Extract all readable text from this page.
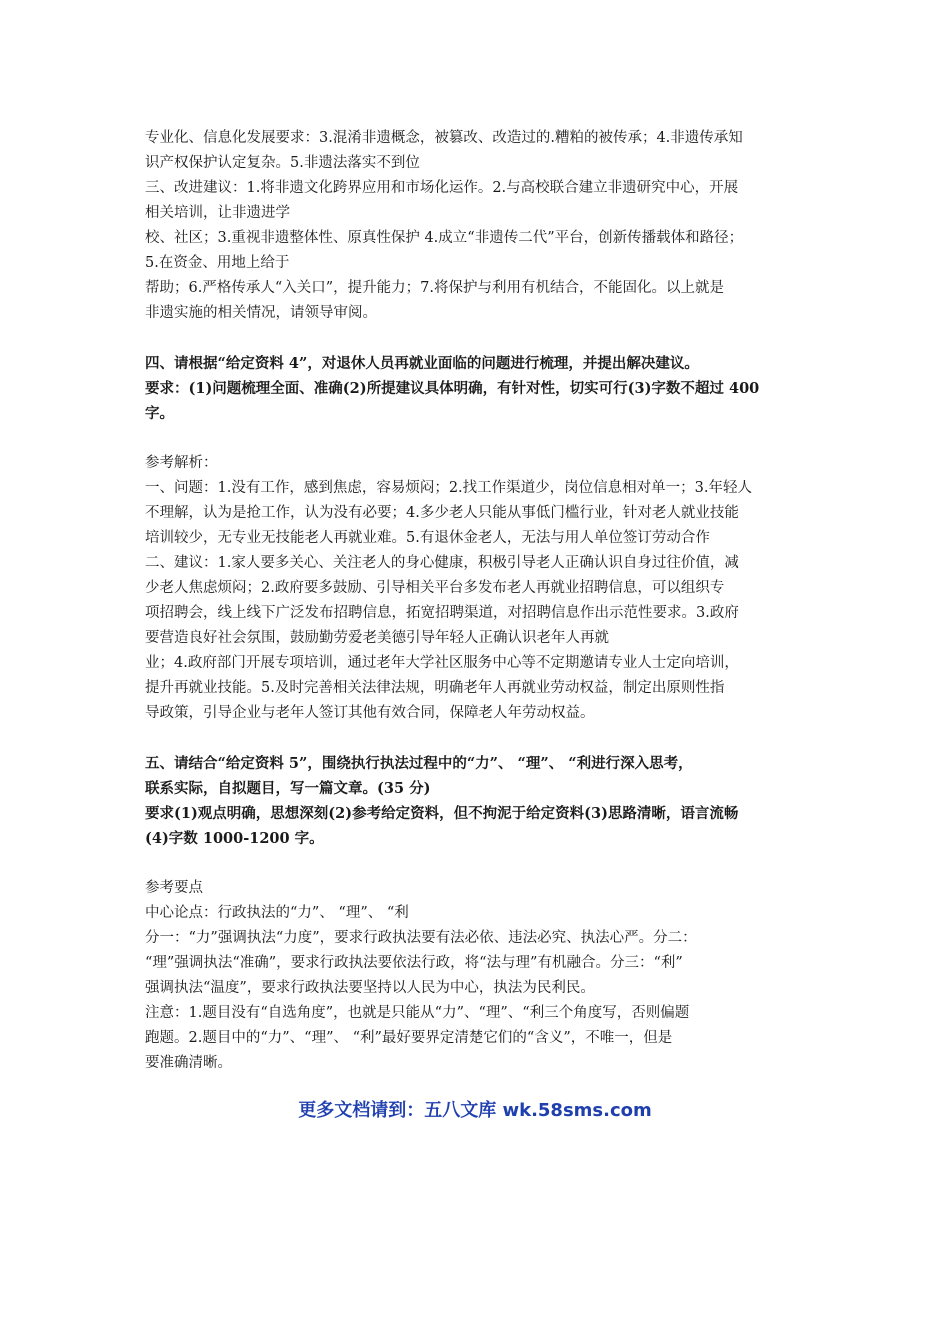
专业化、信息化发展要求：3.混淆非遗概念，被篡改、改造过的.糟粕的被传承；4.非遗传承知
识产权保护认定复杂。5.非遗法落实不到位
三、改进建议：1.将非遗文化跨界应用和市场化运作。2.与高校联合建立非遗研究中心，开展
相关培训，让非遗进学
校、社区；3.重视非遗整体性、原真性保护 4.成立“非遗传二代”平台，创新传播载体和路径；
5.在资金、用地上给于
帮助；6.严格传承人“入关口”，提升能力；7.将保护与利用有机结合，不能固化。以上就是
非遗实施的相关情况，请领导审阅。
四、请根据“给定资料 4”，对退休人员再就业面临的问题进行梳理，并提出解决建议。
要求：(1)问题梳理全面、准确(2)所提建议具体明确，有针对性，切实可行(3)字数不超过 400
字。
参考解析：
一、问题：1.没有工作，感到焦虑，容易烦闷；2.找工作渠道少，岗位信息相对单一；3.年轻人
不理解，认为是抢工作，认为没有必要；4.多少老人只能从事低门槛行业，针对老人就业技能
培训较少，无专业无技能老人再就业难。5.有退休金老人，无法与用人单位签订劳动合作
二、建议：1.家人要多关心、关注老人的身心健康，积极引导老人正确认识自身过往价值，减
少老人焦虑烦闷；2.政府要多鼓励、引导相关平台多发布老人再就业招聘信息，可以组织专
项招聘会，线上线下广泛发布招聘信息，拓宽招聘渠道，对招聘信息作出示范性要求。3.政府
要营造良好社会氛围，鼓励勤劳爱老美德引导年轻人正确认识老年人再就
业；4.政府部门开展专项培训，通过老年大学社区服务中心等不定期邀请专业人士定向培训，
提升再就业技能。5.及时完善相关法律法规，明确老年人再就业劳动权益，制定出原则性指
导政策，引导企业与老年人签订其他有效合同，保障老人年劳动权益。
五、请结合“给定资料 5”，围绕执行执法过程中的“力”、 “理”、 “利进行深入思考，
联系实际，自拟题目，写一篇文章。(35 分)
要求(1)观点明确，思想深刻(2)参考给定资料，但不拘泥于给定资料(3)思路清晰，语言流畅
(4)字数 1000-1200 字。
参考要点
中心论点：行政执法的“力”、 “理”、 “利
分一：“力”强调执法“力度”，要求行政执法要有法必依、违法必究、执法心严。分二：
“理”强调执法“准确”，要求行政执法要依法行政，将“法与理”有机融合。分三：“利”
强调执法“温度”，要求行政执法要坚持以人民为中心，执法为民利民。
注意：1.题目没有“自选角度”，也就是只能从“力”、“理”、“利三个角度写，否则偏题
跑题。2.题目中的“力”、“理”、 “利”最好要界定清楚它们的“含义”，不唯一，但是
要准确清晰。
更多文档请到：五八文库 wk.58sms.com
